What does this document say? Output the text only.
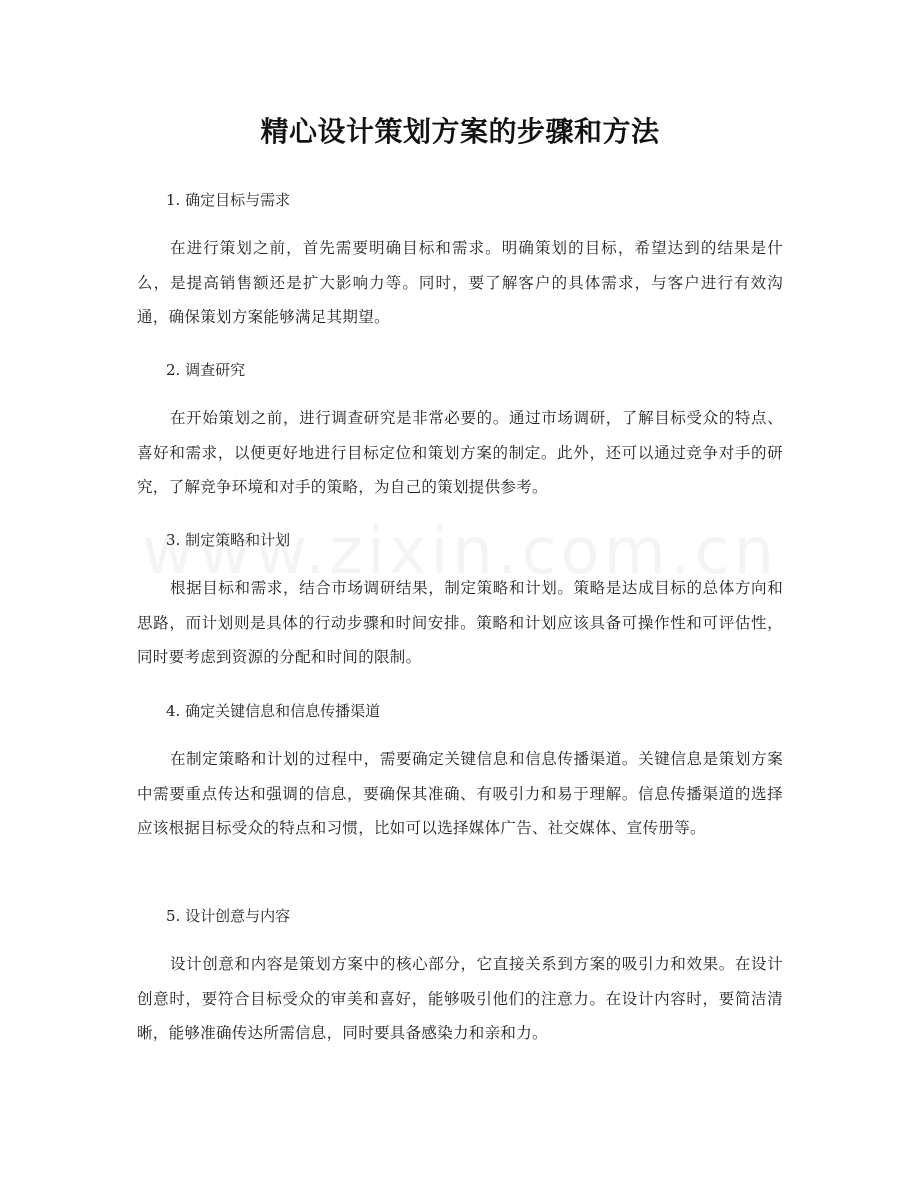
精心设计策划方案的步骤和方法
1. 确定目标与需求
在进行策划之前，首先需要明确目标和需求。明确策划的目标，希望达到的结果是什么，是提高销售额还是扩大影响力等。同时，要了解客户的具体需求，与客户进行有效沟通，确保策划方案能够满足其期望。
2. 调查研究
在开始策划之前，进行调查研究是非常必要的。通过市场调研，了解目标受众的特点、喜好和需求，以便更好地进行目标定位和策划方案的制定。此外，还可以通过竞争对手的研究，了解竞争环境和对手的策略，为自己的策划提供参考。
3. 制定策略和计划
根据目标和需求，结合市场调研结果，制定策略和计划。策略是达成目标的总体方向和思路，而计划则是具体的行动步骤和时间安排。策略和计划应该具备可操作性和可评估性，同时要考虑到资源的分配和时间的限制。
4. 确定关键信息和信息传播渠道
在制定策略和计划的过程中，需要确定关键信息和信息传播渠道。关键信息是策划方案中需要重点传达和强调的信息，要确保其准确、有吸引力和易于理解。信息传播渠道的选择应该根据目标受众的特点和习惯，比如可以选择媒体广告、社交媒体、宣传册等。
5. 设计创意与内容
设计创意和内容是策划方案中的核心部分，它直接关系到方案的吸引力和效果。在设计创意时，要符合目标受众的审美和喜好，能够吸引他们的注意力。在设计内容时，要简洁清晰，能够准确传达所需信息，同时要具备感染力和亲和力。
